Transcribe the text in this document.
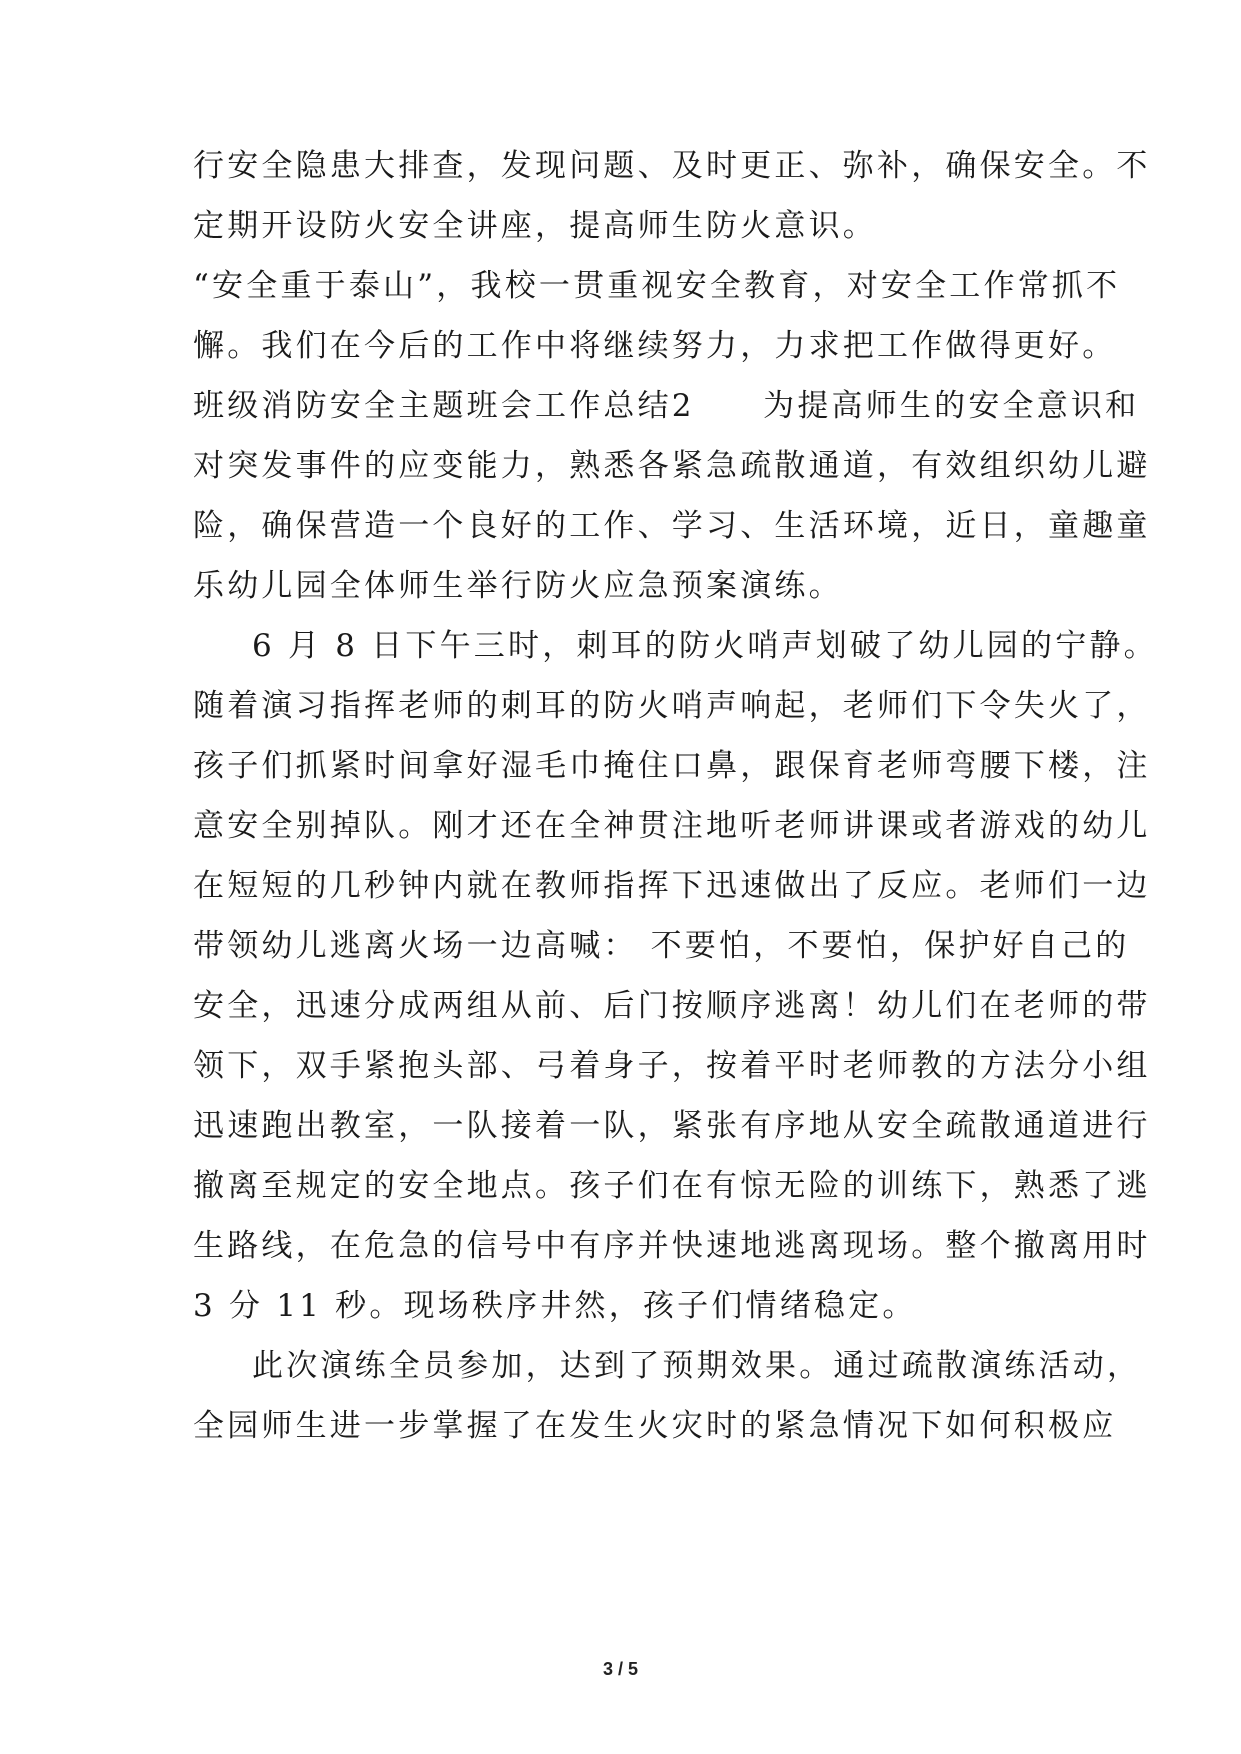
行安全隐患大排查，发现问题、及时更正、弥补，确保安全。不
定期开设防火安全讲座，提高师生防火意识。
“安全重于泰山”，我校一贯重视安全教育，对安全工作常抓不
懈。我们在今后的工作中将继续努力，力求把工作做得更好。
班级消防安全主题班会工作总结2　　为提高师生的安全意识和
对突发事件的应变能力，熟悉各紧急疏散通道，有效组织幼儿避
险，确保营造一个良好的工作、学习、生活环境，近日，童趣童
乐幼儿园全体师生举行防火应急预案演练。
6 月 8 日下午三时，刺耳的防火哨声划破了幼儿园的宁静。
随着演习指挥老师的刺耳的防火哨声响起，老师们下令失火了，
孩子们抓紧时间拿好湿毛巾掩住口鼻，跟保育老师弯腰下楼，注
意安全别掉队。刚才还在全神贯注地听老师讲课或者游戏的幼儿
在短短的几秒钟内就在教师指挥下迅速做出了反应。老师们一边
带领幼儿逃离火场一边高喊： 不要怕，不要怕，保护好自己的
安全，迅速分成两组从前、后门按顺序逃离！幼儿们在老师的带
领下，双手紧抱头部、弓着身子，按着平时老师教的方法分小组
迅速跑出教室，一队接着一队，紧张有序地从安全疏散通道进行
撤离至规定的安全地点。孩子们在有惊无险的训练下，熟悉了逃
生路线，在危急的信号中有序并快速地逃离现场。整个撤离用时
3 分 11 秒。现场秩序井然，孩子们情绪稳定。
此次演练全员参加，达到了预期效果。通过疏散演练活动，
全园师生进一步掌握了在发生火灾时的紧急情况下如何积极应
3 / 5
